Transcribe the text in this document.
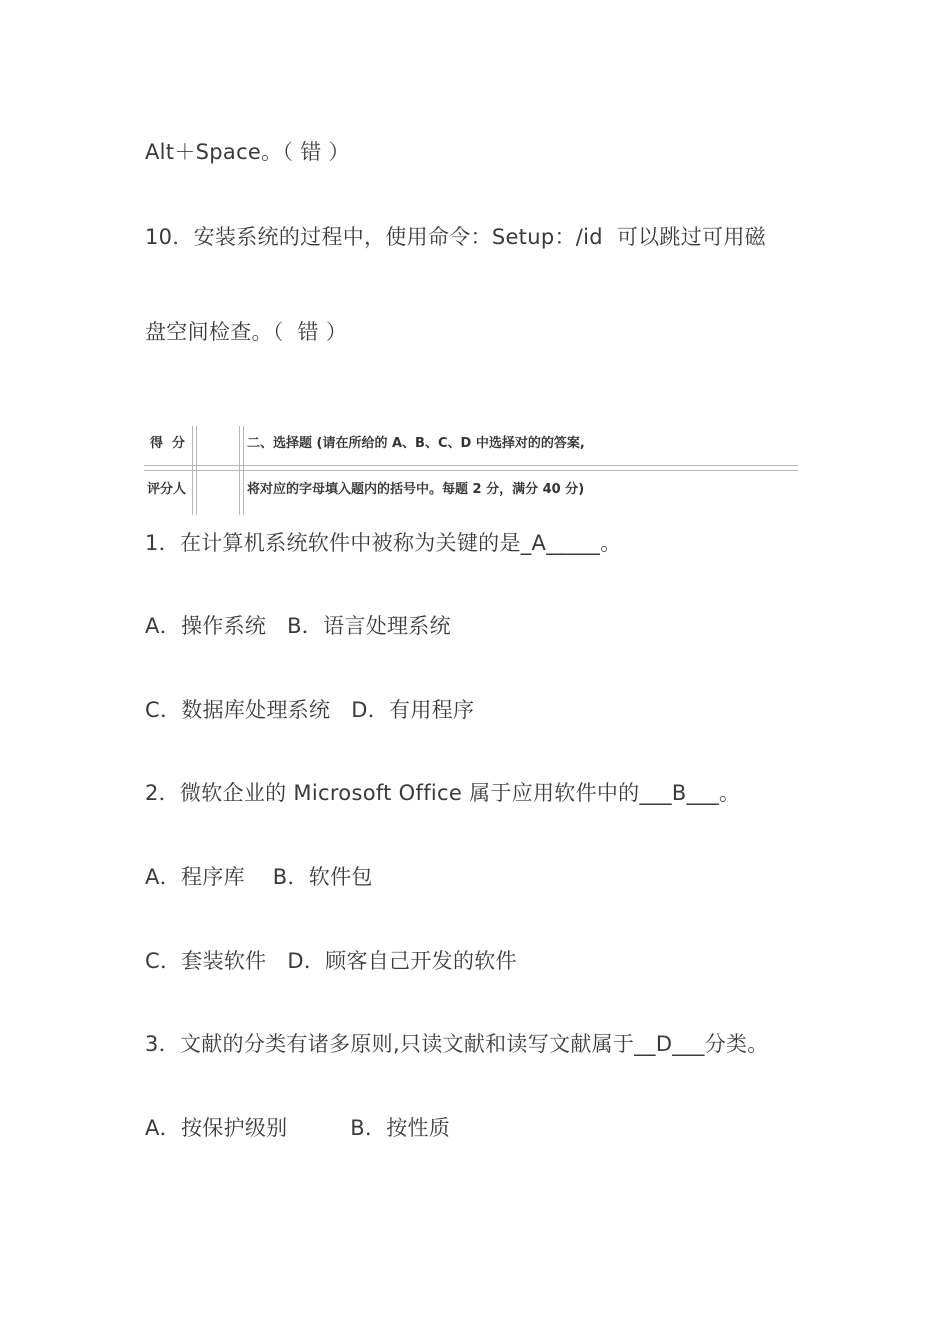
Alt＋Space。（ 错 ）
10．安装系统的过程中，使用命令：Setup：/id  可以跳过可用磁
盘空间检查。（  错 ）
得  分
评分人
二、选择题 (请在所给的 A、B、C、D 中选择对的的答案,
将对应的字母填入题内的括号中。每题 2 分，满分 40 分)
1．在计算机系统软件中被称为关键的是_A_____。
A．操作系统   B．语言处理系统
C．数据库处理系统   D．有用程序
2．微软企业的 Microsoft Office 属于应用软件中的___B___。
A．程序库    B．软件包
C．套装软件   D．顾客自己开发的软件
3．文献的分类有诸多原则,只读文献和读写文献属于__D___分类。
A．按保护级别         B．按性质
